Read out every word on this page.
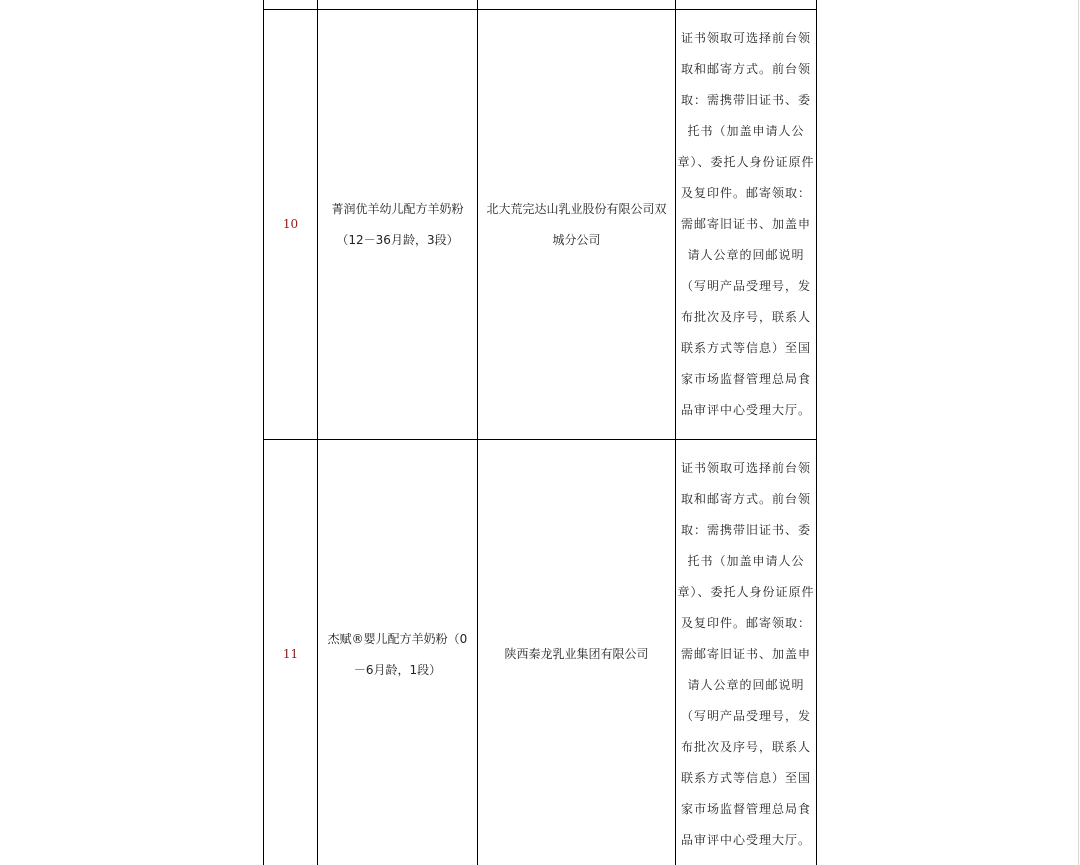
10	菁润优羊幼儿配方羊奶粉（12－36月龄，3段）	北大荒完达山乳业股份有限公司双城分公司	证书领取可选择前台领取和邮寄方式。前台领取：需携带旧证书、委托书（加盖申请人公章）、委托人身份证原件及复印件。邮寄领取：需邮寄旧证书、加盖申请人公章的回邮说明（写明产品受理号，发布批次及序号，联系人联系方式等信息）至国家市场监督管理总局食品审评中心受理大厅。
11	杰赋®婴儿配方羊奶粉（0－6月龄，1段）	陕西秦龙乳业集团有限公司	证书领取可选择前台领取和邮寄方式。前台领取：需携带旧证书、委托书（加盖申请人公章）、委托人身份证原件及复印件。邮寄领取：需邮寄旧证书、加盖申请人公章的回邮说明（写明产品受理号，发布批次及序号，联系人联系方式等信息）至国家市场监督管理总局食品审评中心受理大厅。
